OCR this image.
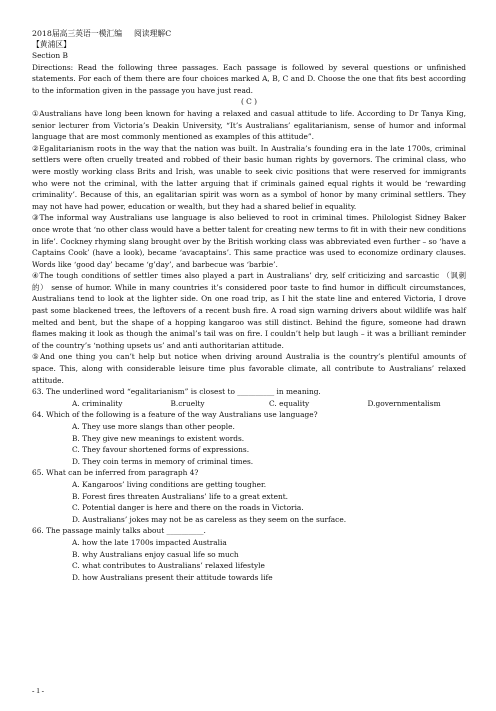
2018届高三英语一模汇编 阅读理解C

【黄浦区】

Section B

Directions: Read the following three passages. Each passage is followed by several questions or unfinished statements. For each of them there are four choices marked A, B, C and D. Choose the one that fits best according to the information given in the passage you have just read.

( C )

①Australians have long been known for having a relaxed and casual attitude to life. According to Dr Tanya King, senior lecturer from Victoria’s Deakin University, “It’s Australians’ egalitarianism, sense of humor and informal language that are most commonly mentioned as examples of this attitude”.

②Egalitarianism roots in the way that the nation was built. In Australia’s founding era in the late 1700s, criminal settlers were often cruelly treated and robbed of their basic human rights by governors. The criminal class, who were mostly working class Brits and Irish, was unable to seek civic positions that were reserved for immigrants who were not the criminal, with the latter arguing that if criminals gained equal rights it would be ‘rewarding criminality’. Because of this, an egalitarian spirit was worn as a symbol of honor by many criminal settlers. They may not have had power, education or wealth, but they had a shared belief in equality.

③The informal way Australians use language is also believed to root in criminal times. Philologist Sidney Baker once wrote that ‘no other class would have a better talent for creating new terms to fit in with their new conditions in life’. Cockney rhyming slang brought over by the British working class was abbreviated even further – so ‘have a Captains Cook’ (have a look), became ‘avacaptains’. This same practice was used to economize ordinary clauses. Words like ‘good day’ became ‘g’day’, and barbecue was ‘barbie’.

④The tough conditions of settler times also played a part in Australians’ dry, self criticizing and sarcastic （讽刺的） sense of humor. While in many countries it’s considered poor taste to find humor in difficult circumstances, Australians tend to look at the lighter side. On one road trip, as I hit the state line and entered Victoria, I drove past some blackened trees, the leftovers of a recent bush fire. A road sign warning drivers about wildlife was half melted and bent, but the shape of a hopping kangaroo was still distinct. Behind the figure, someone had drawn flames making it look as though the animal’s tail was on fire. I couldn’t help but laugh – it was a brilliant reminder of the country’s ‘nothing upsets us’ and anti authoritarian attitude.

⑤And one thing you can’t help but notice when driving around Australia is the country’s plentiful amounts of space. This, along with considerable leisure time plus favorable climate, all contribute to Australians’ relaxed attitude.

63. The underlined word “egalitarianism” is closest to __________ in meaning.

A. criminality	B.cruelty	C. equality	D.governmentalism

64. Which of the following is a feature of the way Australians use language?

A. They use more slangs than other people.

B. They give new meanings to existent words.

C. They favour shortened forms of expressions.

D. They coin terms in memory of criminal times.

65. What can be inferred from paragraph 4?

A. Kangaroos’ living conditions are getting tougher.

B. Forest fires threaten Australians’ life to a great extent.

C. Potential danger is here and there on the roads in Victoria.

D. Australians’ jokes may not be as careless as they seem on the surface.

66. The passage mainly talks about __________.

A. how the late 1700s impacted Australia

B. why Australians enjoy casual life so much

C. what contributes to Australians’ relaxed lifestyle

D. how Australians present their attitude towards life

- 1 -
